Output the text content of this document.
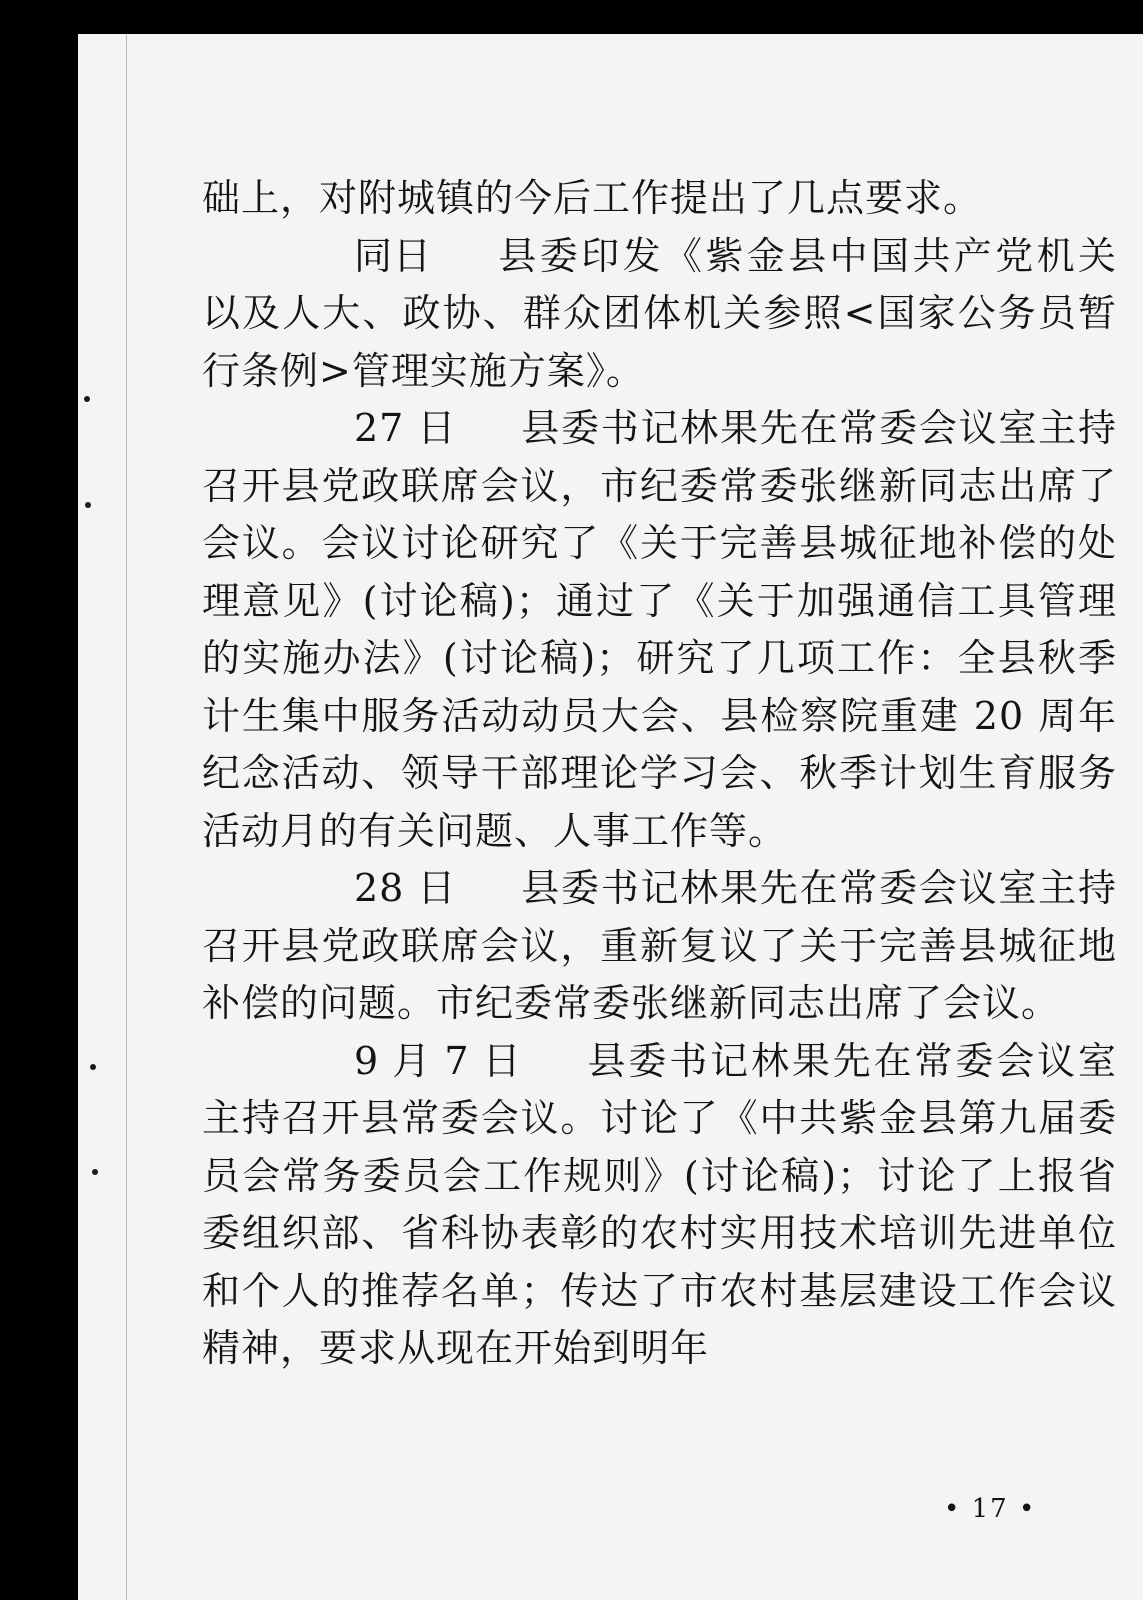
础上，对附城镇的今后工作提出了几点要求。

同日 县委印发《紫金县中国共产党机关以及人大、政协、群众团体机关参照<国家公务员暂行条例>管理实施方案》。

27 日 县委书记林果先在常委会议室主持召开县党政联席会议，市纪委常委张继新同志出席了会议。会议讨论研究了《关于完善县城征地补偿的处理意见》(讨论稿)；通过了《关于加强通信工具管理的实施办法》(讨论稿)；研究了几项工作：全县秋季计生集中服务活动动员大会、县检察院重建 20 周年纪念活动、领导干部理论学习会、秋季计划生育服务活动月的有关问题、人事工作等。

28 日 县委书记林果先在常委会议室主持召开县党政联席会议，重新复议了关于完善县城征地补偿的问题。市纪委常委张继新同志出席了会议。

9 月 7 日 县委书记林果先在常委会议室主持召开县常委会议。讨论了《中共紫金县第九届委员会常务委员会工作规则》(讨论稿)；讨论了上报省委组织部、省科协表彰的农村实用技术培训先进单位和个人的推荐名单；传达了市农村基层建设工作会议精神，要求从现在开始到明年

• 17 •
